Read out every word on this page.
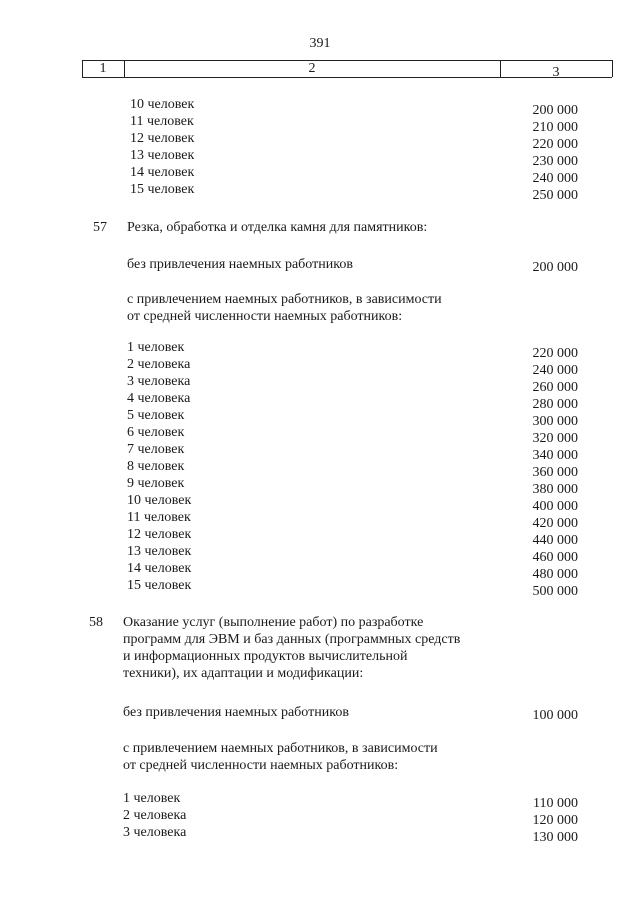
391
1	2	3
10 человек	200 000
11 человек	210 000
12 человек	220 000
13 человек	230 000
14 человек	240 000
15 человек	250 000
57 Резка, обработка и отделка камня для памятников:
без привлечения наемных работников	200 000
с привлечением наемных работников, в зависимости
от средней численности наемных работников:
1 человек	220 000
2 человека	240 000
3 человека	260 000
4 человека	280 000
5 человек	300 000
6 человек	320 000
7 человек	340 000
8 человек	360 000
9 человек	380 000
10 человек	400 000
11 человек	420 000
12 человек	440 000
13 человек	460 000
14 человек	480 000
15 человек	500 000
58 Оказание услуг (выполнение работ) по разработке
программ для ЭВМ и баз данных (программных средств
и информационных продуктов вычислительной
техники), их адаптации и модификации:
без привлечения наемных работников	100 000
с привлечением наемных работников, в зависимости
от средней численности наемных работников:
1 человек	110 000
2 человека	120 000
3 человека	130 000
